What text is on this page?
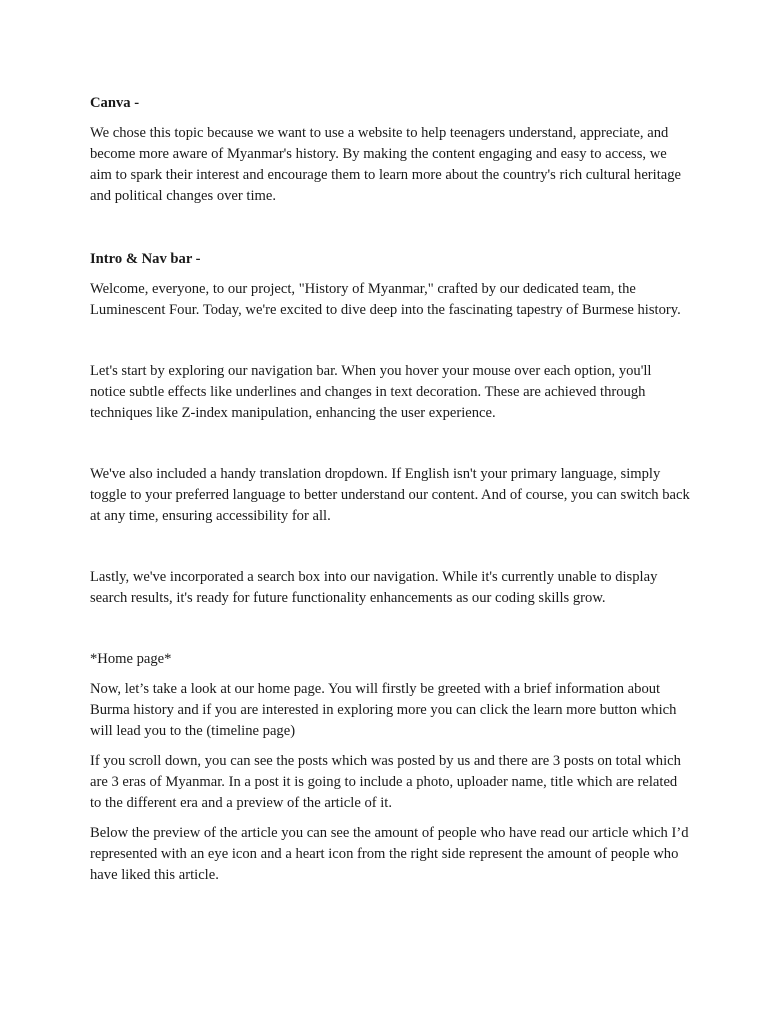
Canva -

We chose this topic because we want to use a website to help teenagers understand, appreciate, and become more aware of Myanmar's history. By making the content engaging and easy to access, we aim to spark their interest and encourage them to learn more about the country's rich cultural heritage and political changes over time.

Intro & Nav bar -

Welcome, everyone, to our project, "History of Myanmar," crafted by our dedicated team, the Luminescent Four. Today, we're excited to dive deep into the fascinating tapestry of Burmese history.

Let's start by exploring our navigation bar. When you hover your mouse over each option, you'll notice subtle effects like underlines and changes in text decoration. These are achieved through techniques like Z-index manipulation, enhancing the user experience.

We've also included a handy translation dropdown. If English isn't your primary language, simply toggle to your preferred language to better understand our content. And of course, you can switch back at any time, ensuring accessibility for all.

Lastly, we've incorporated a search box into our navigation. While it's currently unable to display search results, it's ready for future functionality enhancements as our coding skills grow.

*Home page*

Now, let’s take a look at our home page. You will firstly be greeted with a brief information about Burma history and if you are interested in exploring more you can click the learn more button which will lead you to the (timeline page)

If you scroll down, you can see the posts which was posted by us and there are 3 posts on total which are 3 eras of Myanmar. In a post it is going to include a photo, uploader name, title which are related to the different era and a preview of the article of it.

Below the preview of the article you can see the amount of people who have read our article which I’d represented with an eye icon and a heart icon from the right side represent the amount of people who have liked this article.
